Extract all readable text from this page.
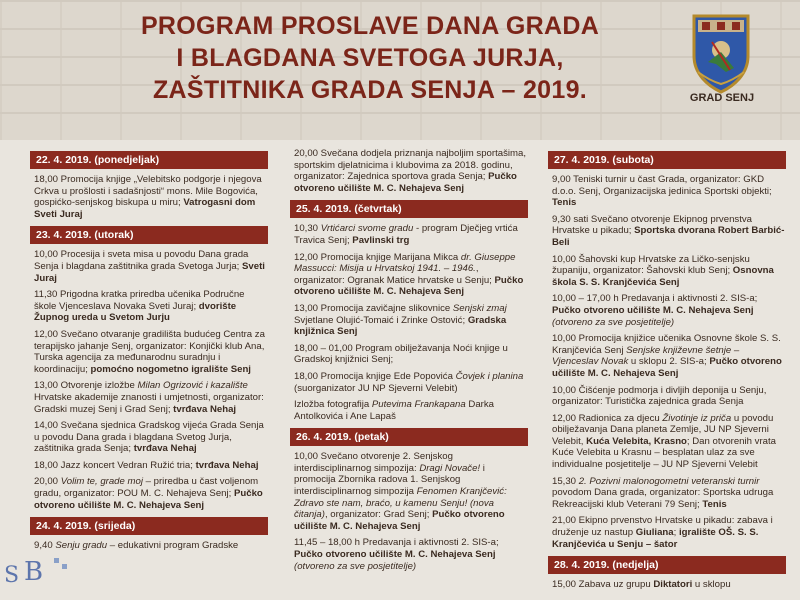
PROGRAM PROSLAVE DANA GRADA
I BLAGDANA SVETOGA JURJA,
ZAŠTITNIKA GRADA SENJA – 2019.	GRAD SENJ
22. 4. 2019. (ponedjeljak)
18,00 Promocija knjige „Velebitsko podgorje i njegova Crkva u prošlosti i sadašnjosti“ mons. Mile Bogovića, gospićko-senjskog biskupa u miru; Vatrogasni dom Sveti Juraj
23. 4. 2019. (utorak)
10,00 Procesija i sveta misa u povodu Dana grada Senja i blagdana zaštitnika grada Svetoga Jurja; Sveti Juraj
11,30 Prigodna kratka priredba učenika Područne škole Vjenceslava Novaka Sveti Juraj; dvorište Župnog ureda u Svetom Jurju
12,00 Svečano otvaranje gradilišta budućeg Centra za terapijsko jahanje Senj, organizator: Konjički klub Ana, Turska agencija za međunarodnu suradnju i koordinaciju; pomoćno nogometno igralište Senj
13,00 Otvorenje izložbe Milan Ogrizović i kazalište Hrvatske akademije znanosti i umjetnosti, organizator: Gradski muzej Senj i Grad Senj; tvrđava Nehaj
14,00 Svečana sjednica Gradskog vijeća Grada Senja u povodu Dana grada i blagdana Svetog Jurja, zaštitnika grada Senja; tvrđava Nehaj
18,00 Jazz koncert Vedran Ružić tria; tvrđava Nehaj
20,00 Volim te, grade moj – priredba u čast voljenom gradu, organizator: POU M. C. Nehajeva Senj; Pučko otvoreno učilište M. C. Nehajeva Senj
24. 4. 2019. (srijeda)
9,40 Senju gradu – edukativni program Gradske
20,00 Svečana dodjela priznanja najboljim sportašima, sportskim djelatnicima i klubovima za 2018. godinu, organizator: Zajednica sportova grada Senja; Pučko otvoreno učilište M. C. Nehajeva Senj
25. 4. 2019. (četvrtak)
10,30 Vrtićarci svome gradu - program Dječjeg vrtića Travica Senj; Pavlinski trg
12,00 Promocija knjige Marijana Mikca dr. Giuseppe Massucci: Misija u Hrvatskoj 1941. – 1946., organizator: Ogranak Matice hrvatske u Senju; Pučko otvoreno učilište M. C. Nehajeva Senj
13,00 Promocija zavičajne slikovnice Senjski zmaj Svjetlane Olujić-Tomaić i Zrinke Ostović; Gradska knjižnica Senj
18,00 – 01,00 Program obilježavanja Noći knjige u Gradskoj knjižnici Senj;
18,00 Promocija knjige Ede Popovića Čovjek i planina (suorganizator JU NP Sjeverni Velebit)
Izložba fotografija Putevima Frankapana Darka Antolkovića i Ane Lapaš
26. 4. 2019. (petak)
10,00 Svečano otvorenje 2. Senjskog interdisciplinarnog simpozija: Dragi Novače! i promocija Zbornika radova 1. Senjskog interdisciplinarnog simpozija Fenomen Kranjčević: Zdravo ste nam, braćo, u kamenu Senju! (nova čitanja), organizator: Grad Senj; Pučko otvoreno učilište M. C. Nehajeva Senj
11,45 – 18,00 h Predavanja i aktivnosti 2. SIS-a; Pučko otvoreno učilište M. C. Nehajeva Senj
(otvoreno za sve posjetitelje)
27. 4. 2019. (subota)
9,00 Teniski turnir u čast Grada, organizator: GKD d.o.o. Senj, Organizacijska jedinica Sportski objekti; Tenis
9,30 sati Svečano otvorenje Ekipnog prvenstva Hrvatske u pikadu; Sportska dvorana Robert Barbić-Beli
10,00 Šahovski kup Hrvatske za Ličko-senjsku županiju, organizator: Šahovski klub Senj; Osnovna škola S. S. Kranjčevića Senj
10,00 – 17,00 h Predavanja i aktivnosti 2. SIS-a; Pučko otvoreno učilište M. C. Nehajeva Senj (otvoreno za sve posjetitelje)
10,00 Promocija knjižice učenika Osnovne škole S. S. Kranjčevića Senj Senjske književne šetnje – Vjenceslav Novak u sklopu 2. SIS-a; Pučko otvoreno učilište M. C. Nehajeva Senj
10,00 Čišćenje podmorja i divljih deponija u Senju, organizator: Turistička zajednica grada Senja
12,00 Radionica za djecu Životinje iz priča u povodu obilježavanja Dana planeta Zemlje, JU NP Sjeverni Velebit, Kuća Velebita, Krasno; Dan otvorenih vrata Kuće Velebita u Krasnu – besplatan ulaz za sve individualne posjetitelje – JU NP Sjeverni Velebit
15,30 2. Pozivni malonogometni veteranski turnir povodom Dana grada, organizator: Sportska udruga Rekreacijski klub Veterani 79 Senj; Tenis
21,00 Ekipno prvenstvo Hrvatske u pikadu: zabava i druženje uz nastup Giuliana; igralište OŠ. S. S. Kranjčevića u Senju – šator
28. 4. 2019. (nedjelja)
15,00 Zabava uz grupu Diktatori u sklopu
S B
